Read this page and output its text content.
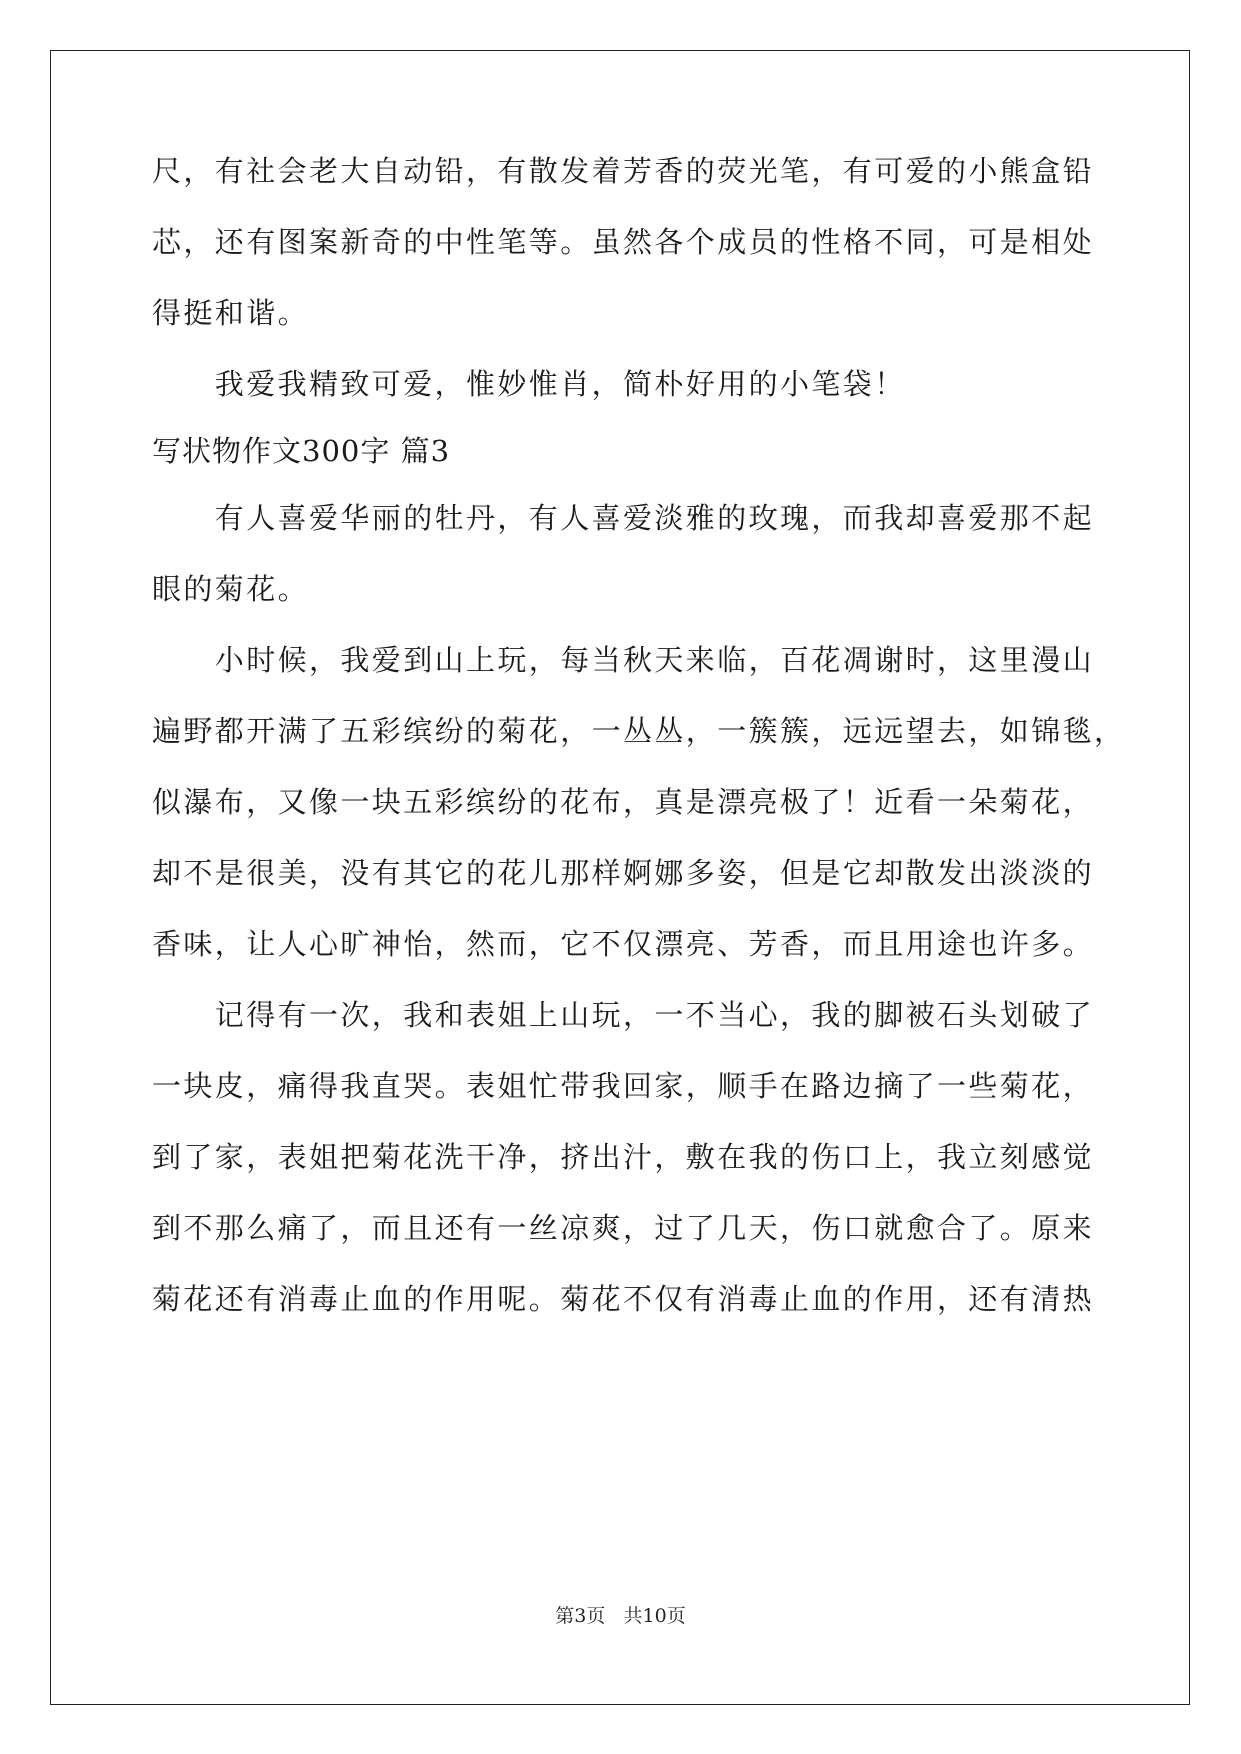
尺，有社会老大自动铅，有散发着芳香的荧光笔，有可爱的小熊盒铅
芯，还有图案新奇的中性笔等。虽然各个成员的性格不同，可是相处
得挺和谐。
　　我爱我精致可爱，惟妙惟肖，简朴好用的小笔袋！
写状物作文300字 篇3
　　有人喜爱华丽的牡丹，有人喜爱淡雅的玫瑰，而我却喜爱那不起
眼的菊花。
　　小时候，我爱到山上玩，每当秋天来临，百花凋谢时，这里漫山
遍野都开满了五彩缤纷的菊花，一丛丛，一簇簇，远远望去，如锦毯，
似瀑布，又像一块五彩缤纷的花布，真是漂亮极了！近看一朵菊花，
却不是很美，没有其它的花儿那样婀娜多姿，但是它却散发出淡淡的
香味，让人心旷神怡，然而，它不仅漂亮、芳香，而且用途也许多。
　　记得有一次，我和表姐上山玩，一不当心，我的脚被石头划破了
一块皮，痛得我直哭。表姐忙带我回家，顺手在路边摘了一些菊花，
到了家，表姐把菊花洗干净，挤出汁，敷在我的伤口上，我立刻感觉
到不那么痛了，而且还有一丝凉爽，过了几天，伤口就愈合了。原来
菊花还有消毒止血的作用呢。菊花不仅有消毒止血的作用，还有清热
第3页 共10页
